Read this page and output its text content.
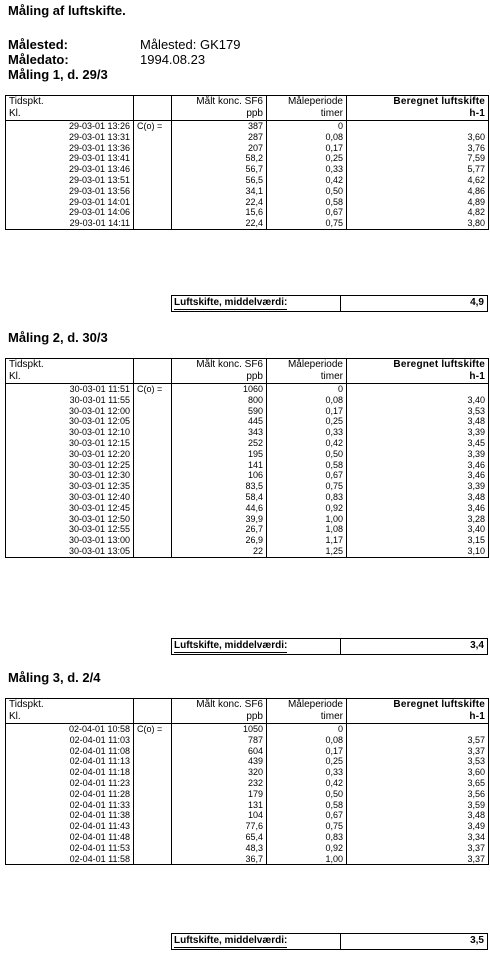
Måling af luftskifte.
Målested:	Målested: GK179
Måledato:	1994.08.23
Måling 1, d. 29/3
Tidspkt.		Målt konc. SF6	Måleperiode	Beregnet luftskifte
Kl.		ppb	timer	h-1
29-03-01 13:26	C(o) =	387	0	
29-03-01 13:31		287	0,08	3,60
29-03-01 13:36		207	0,17	3,76
29-03-01 13:41		58,2	0,25	7,59
29-03-01 13:46		56,7	0,33	5,77
29-03-01 13:51		56,5	0,42	4,62
29-03-01 13:56		34,1	0,50	4,86
29-03-01 14:01		22,4	0,58	4,89
29-03-01 14:06		15,6	0,67	4,82
29-03-01 14:11		22,4	0,75	3,80
Luftskifte, middelværdi:	4,9
Måling 2, d. 30/3
Tidspkt.		Målt konc. SF6	Måleperiode	Beregnet luftskifte
Kl.		ppb	timer	h-1
30-03-01 11:51	C(o) =	1060	0	
30-03-01 11:55		800	0,08	3,40
30-03-01 12:00		590	0,17	3,53
30-03-01 12:05		445	0,25	3,48
30-03-01 12:10		343	0,33	3,39
30-03-01 12:15		252	0,42	3,45
30-03-01 12:20		195	0,50	3,39
30-03-01 12:25		141	0,58	3,46
30-03-01 12:30		106	0,67	3,46
30-03-01 12:35		83,5	0,75	3,39
30-03-01 12:40		58,4	0,83	3,48
30-03-01 12:45		44,6	0,92	3,46
30-03-01 12:50		39,9	1,00	3,28
30-03-01 12:55		26,7	1,08	3,40
30-03-01 13:00		26,9	1,17	3,15
30-03-01 13:05		22	1,25	3,10
Luftskifte, middelværdi:	3,4
Måling 3, d. 2/4
Tidspkt.		Målt konc. SF6	Måleperiode	Beregnet luftskifte
Kl.		ppb	timer	h-1
02-04-01 10:58	C(o) =	1050	0	
02-04-01 11:03		787	0,08	3,57
02-04-01 11:08		604	0,17	3,37
02-04-01 11:13		439	0,25	3,53
02-04-01 11:18		320	0,33	3,60
02-04-01 11:23		232	0,42	3,65
02-04-01 11:28		179	0,50	3,56
02-04-01 11:33		131	0,58	3,59
02-04-01 11:38		104	0,67	3,48
02-04-01 11:43		77,6	0,75	3,49
02-04-01 11:48		65,4	0,83	3,34
02-04-01 11:53		48,3	0,92	3,37
02-04-01 11:58		36,7	1,00	3,37
Luftskifte, middelværdi:	3,5
